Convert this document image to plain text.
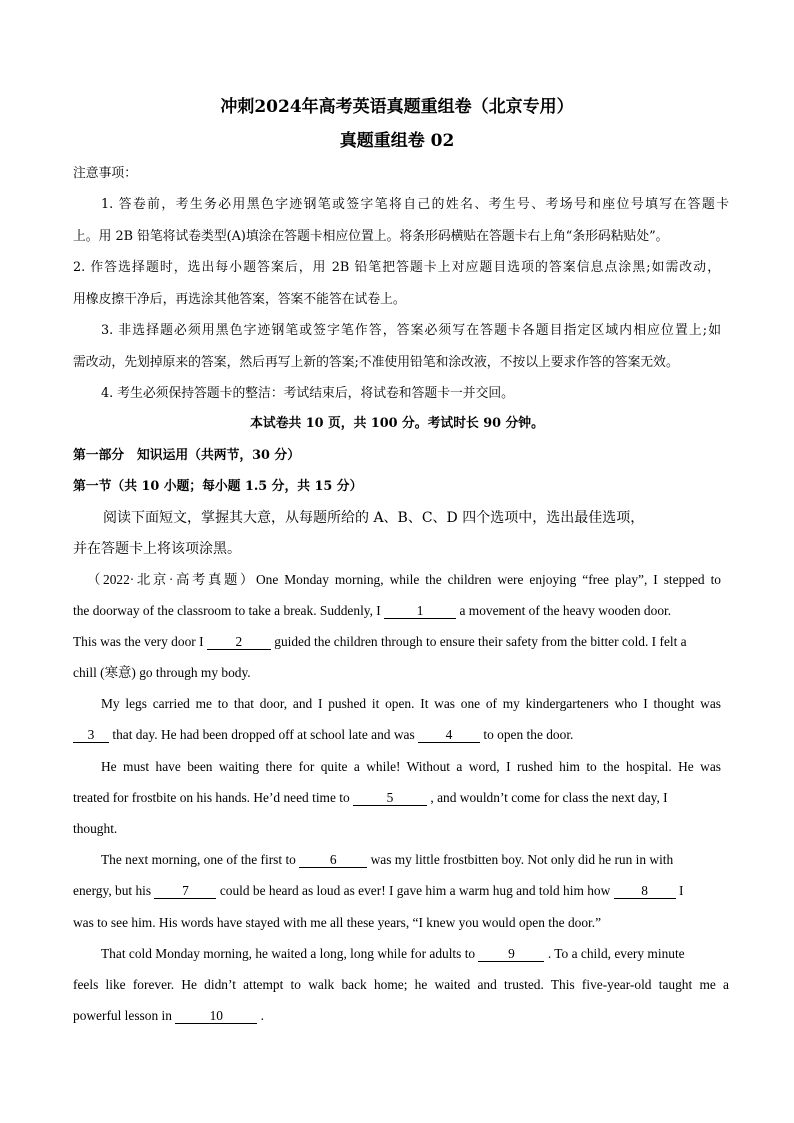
冲刺2024年高考英语真题重组卷（北京专用）
真题重组卷 02
注意事项：
1. 答卷前，考生务必用黑色字迹钢笔或签字笔将自己的姓名、考生号、考场号和座位号填写在答题卡
上。用 2B 铅笔将试卷类型(A)填涂在答题卡相应位置上。将条形码横贴在答题卡右上角“条形码粘贴处”。
2. 作答选择题时，选出每小题答案后，用 2B 铅笔把答题卡上对应题目选项的答案信息点涂黑;如需改动，
用橡皮擦干净后，再选涂其他答案，答案不能答在试卷上。
3. 非选择题必须用黑色字迹钢笔或签字笔作答，答案必须写在答题卡各题目指定区域内相应位置上;如
需改动，先划掉原来的答案，然后再写上新的答案;不准使用铅笔和涂改液，不按以上要求作答的答案无效。
4. 考生必须保持答题卡的整洁：考试结束后，将试卷和答题卡一并交回。
本试卷共 10 页，共 100 分。考试时长 90 分钟。
第一部分　知识运用（共两节，30 分）
第一节（共 10 小题；每小题 1.5 分，共 15 分）
阅读下面短文，掌握其大意，从每题所给的 A、B、C、D 四个选项中，选出最佳选项，
并在答题卡上将该项涂黑。
（2022·北京·高考真题）One Monday morning, while the children were enjoying “free play”, I stepped to
the doorway of the classroom to take a break. Suddenly, I	1	a movement of the heavy wooden door.
This was the very door I 2 guided the children through to ensure their safety from the bitter cold. I felt a
chill (寒意) go through my body.
My legs carried me to that door, and I pushed it open. It was one of my kindergarteners who I thought was
3 that day. He had been dropped off at school late and was 4 to open the door.
He must have been waiting there for quite a while! Without a word, I rushed him to the hospital. He was
treated for frostbite on his hands. He’d need time to	5	, and wouldn’t come for class the next day, I
thought.
The next morning, one of the first to	6	was my little frostbitten boy. Not only did he run in with
energy, but his 7 could be heard as loud as ever! I gave him a warm hug and told him how 8 I
was to see him. His words have stayed with me all these years, “I knew you would open the door.”
That cold Monday morning, he waited a long, long while for adults to 9 . To a child, every minute
feels like forever. He didn’t attempt to walk back home; he waited and trusted. This five-year-old taught me a
powerful lesson in	10	.
